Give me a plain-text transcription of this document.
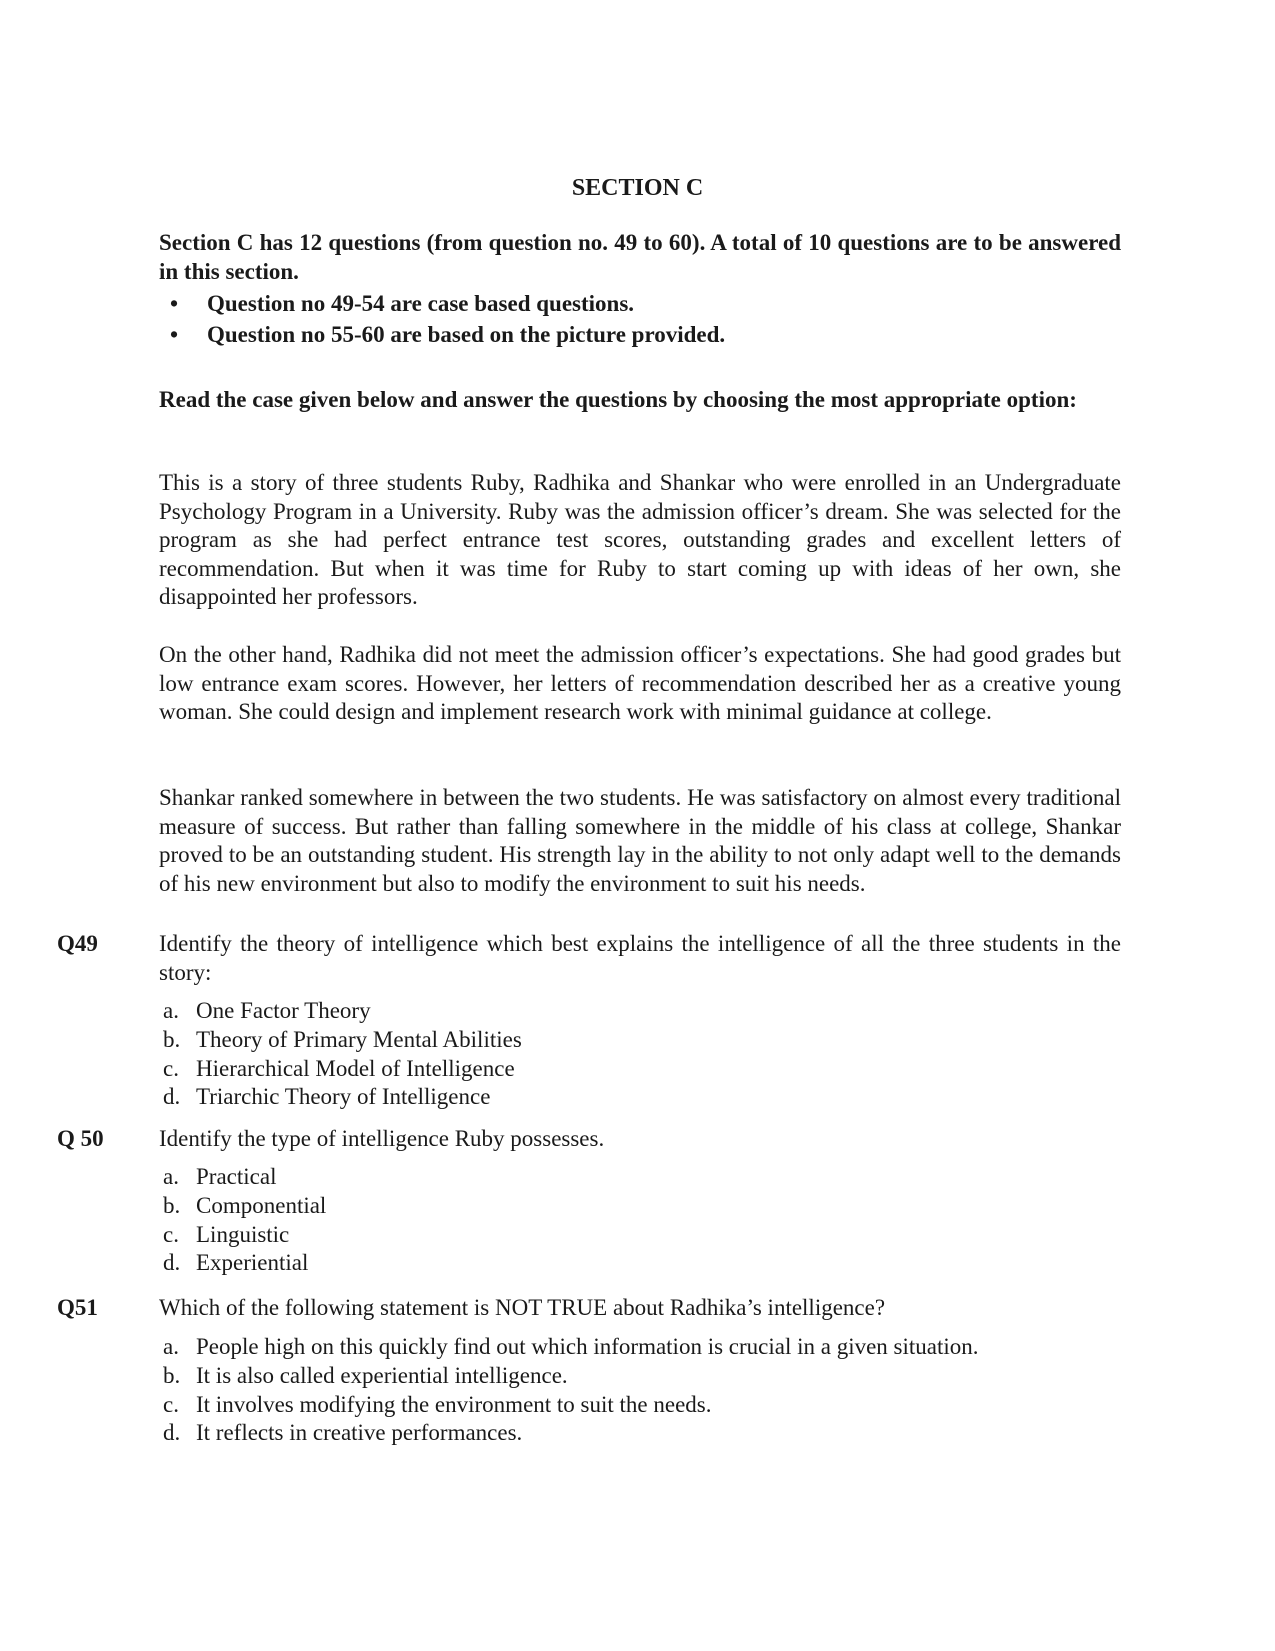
SECTION C
Section C has 12 questions (from question no. 49 to 60). A total of 10 questions are to be answered in this section.
•	Question no 49-54 are case based questions.
•	Question no 55-60 are based on the picture provided.
Read the case given below and answer the questions by choosing the most appropriate option:
This is a story of three students Ruby, Radhika and Shankar who were enrolled in an Undergraduate Psychology Program in a University. Ruby was the admission officer’s dream. She was selected for the program as she had perfect entrance test scores, outstanding grades and excellent letters of recommendation. But when it was time for Ruby to start coming up with ideas of her own, she disappointed her professors.
On the other hand, Radhika did not meet the admission officer’s expectations. She had good grades but low entrance exam scores. However, her letters of recommendation described her as a creative young woman. She could design and implement research work with minimal guidance at college.
Shankar ranked somewhere in between the two students. He was satisfactory on almost every traditional measure of success. But rather than falling somewhere in the middle of his class at college, Shankar proved to be an outstanding student. His strength lay in the ability to not only adapt well to the demands of his new environment but also to modify the environment to suit his needs.
Q49	Identify the theory of intelligence which best explains the intelligence of all the three students in the story:
a. One Factor Theory
b. Theory of Primary Mental Abilities
c. Hierarchical Model of Intelligence
d. Triarchic Theory of Intelligence
Q 50 Identify the type of intelligence Ruby possesses.
a. Practical
b. Componential
c. Linguistic
d. Experiential
Q51	Which of the following statement is NOT TRUE about Radhika’s intelligence?
a. People high on this quickly find out which information is crucial in a given situation.
b. It is also called experiential intelligence.
c. It involves modifying the environment to suit the needs.
d. It reflects in creative performances.
